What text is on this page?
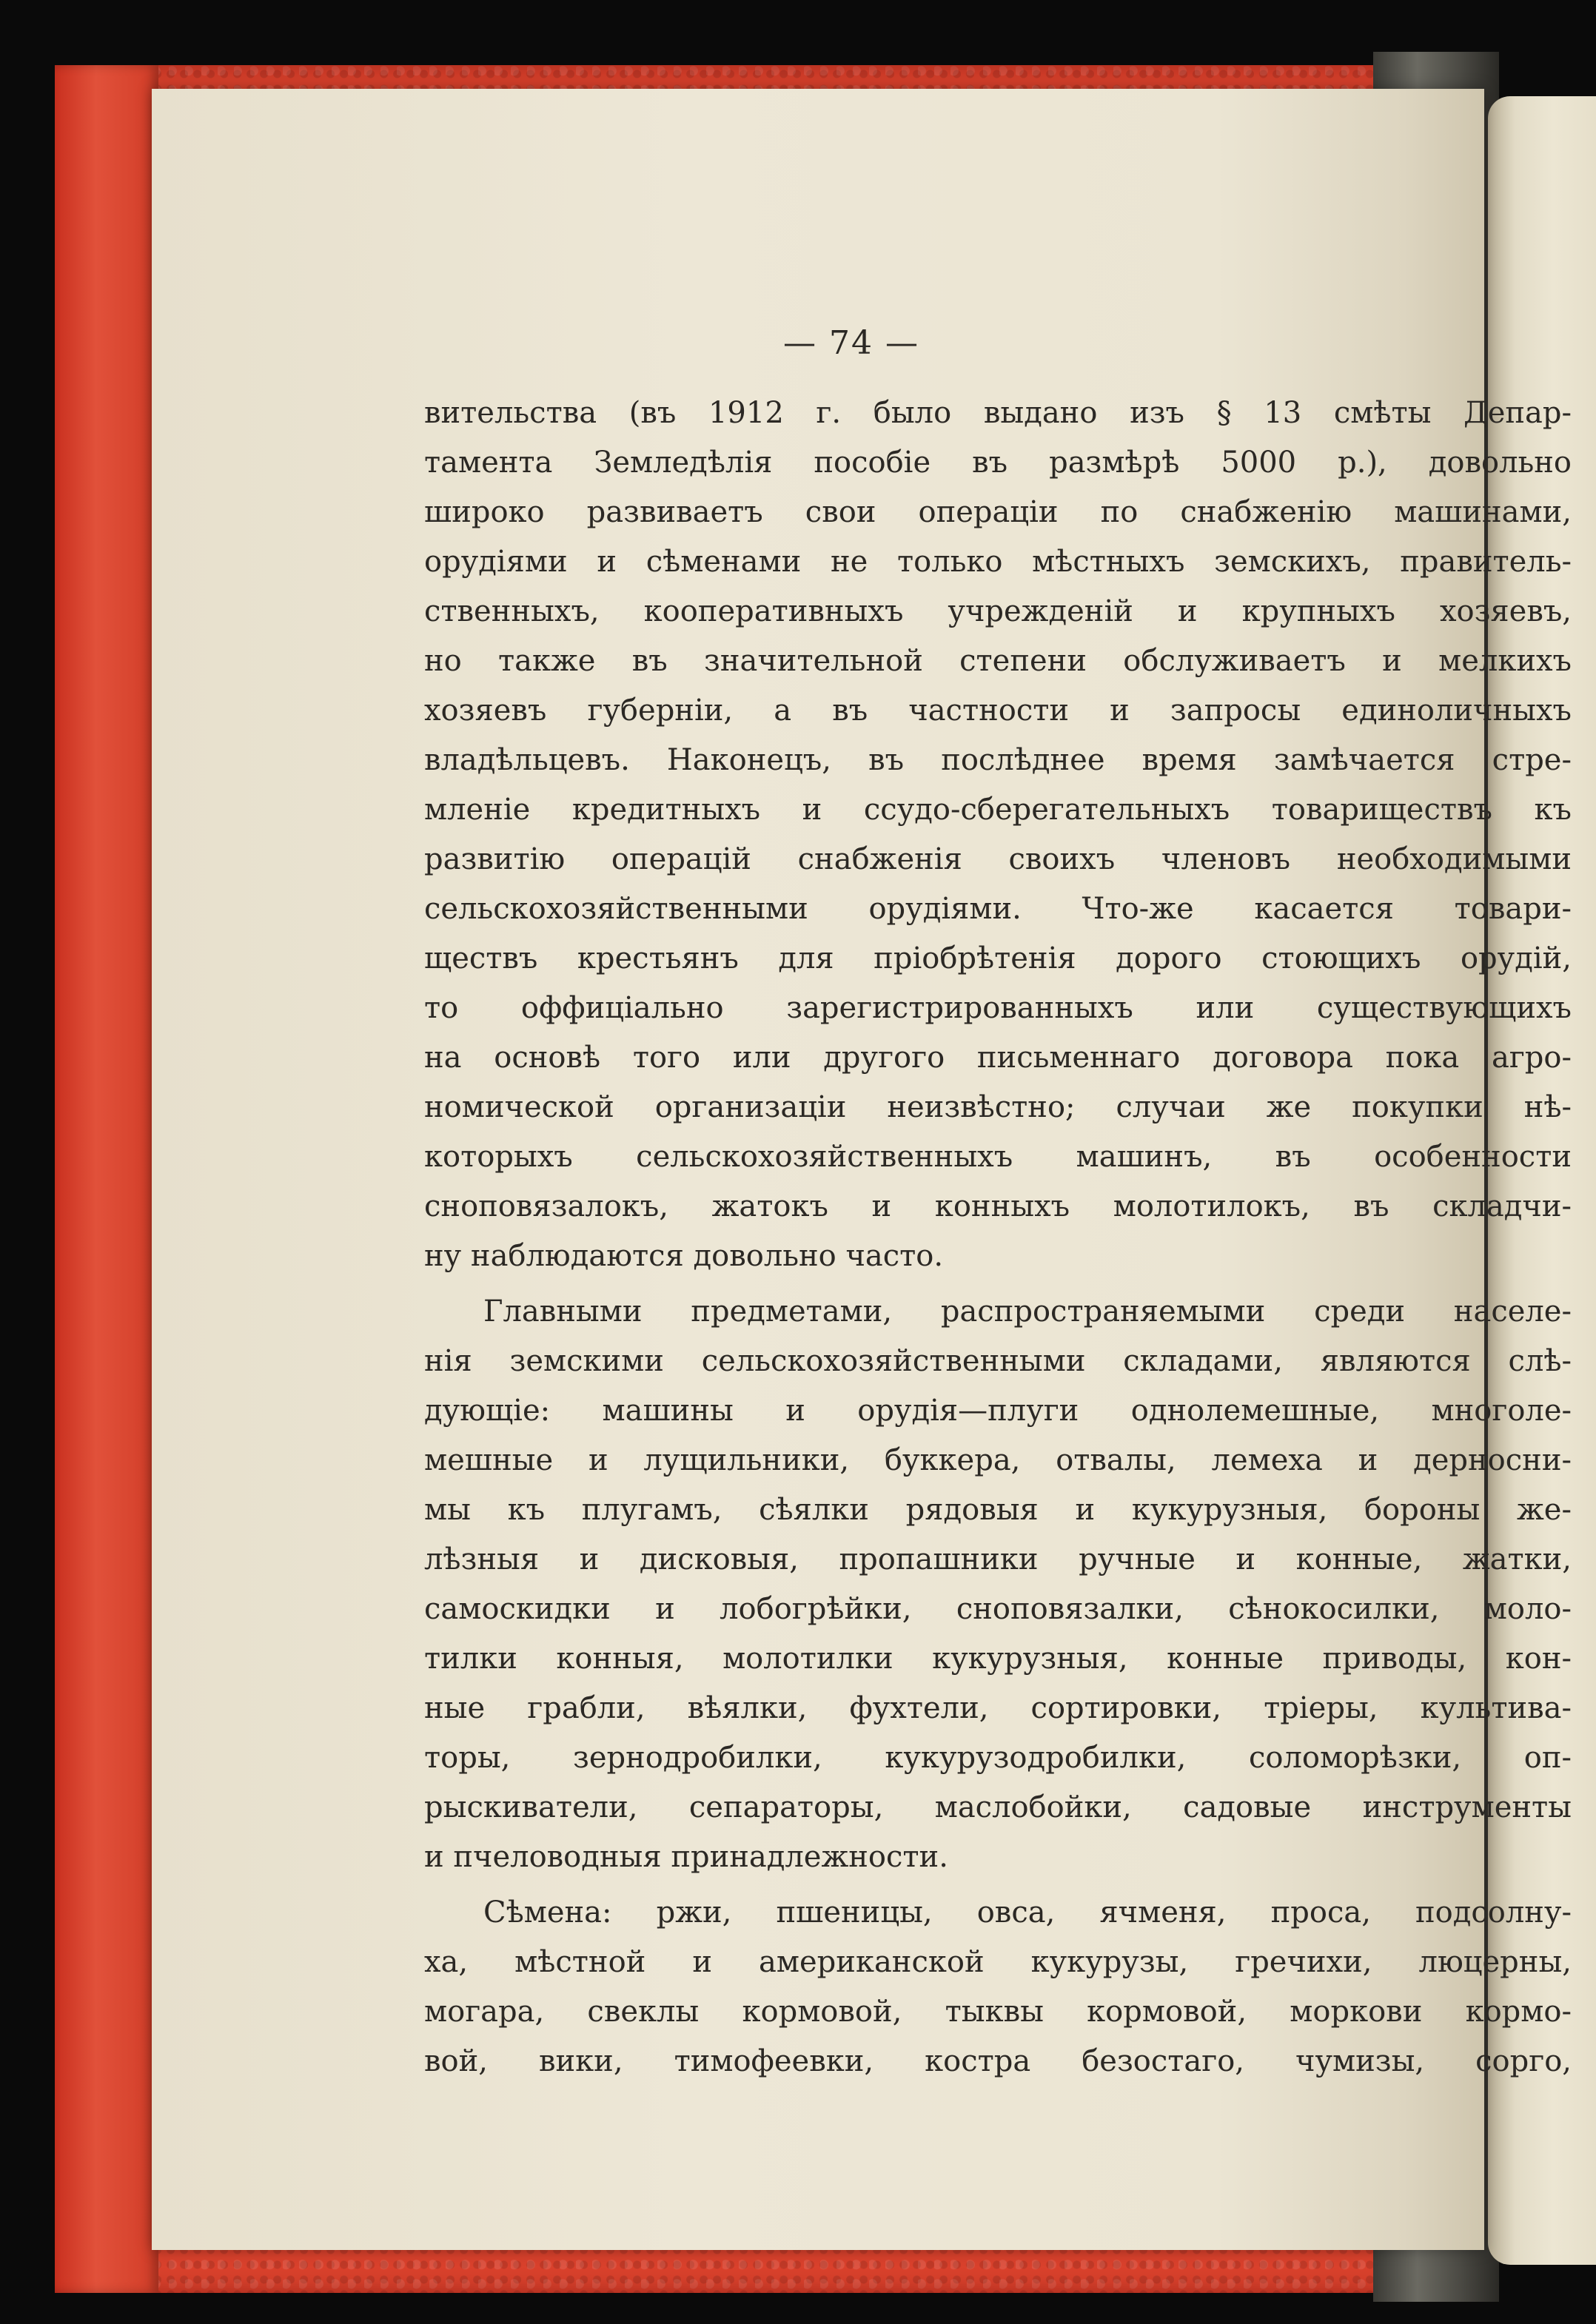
— 74 —
вительства (въ 1912 г. было выдано изъ § 13 смѣты Депар-
тамента Земледѣлія пособіе въ размѣрѣ 5000 р.), довольно
широко развиваетъ свои операціи по снабженію машинами,
орудіями и сѣменами не только мѣстныхъ земскихъ, правитель-
ственныхъ, кооперативныхъ учрежденій и крупныхъ хозяевъ,
но также въ значительной степени обслуживаетъ и мелкихъ
хозяевъ губерніи, а въ частности и запросы единоличныхъ
владѣльцевъ. Наконецъ, въ послѣднее время замѣчается стре-
мленіе кредитныхъ и ссудо-сберегательныхъ товариществъ къ
развитію операцій снабженія своихъ членовъ необходимыми
сельскохозяйственными орудіями. Что-же касается товари-
ществъ крестьянъ для пріобрѣтенія дорого стоющихъ орудій,
то оффиціально зарегистрированныхъ или существующихъ
на основѣ того или другого письменнаго договора пока агро-
номической организаціи неизвѣстно; случаи же покупки нѣ-
которыхъ сельскохозяйственныхъ машинъ, въ особенности
сноповязалокъ, жатокъ и конныхъ молотилокъ, въ складчи-
ну наблюдаются довольно часто.
Главными предметами, распространяемыми среди населе-
нія земскими сельскохозяйственными складами, являются слѣ-
дующіе: машины и орудія—плуги однолемешные, многоле-
мешные и лущильники, буккера, отвалы, лемеха и дерносни-
мы къ плугамъ, сѣялки рядовыя и кукурузныя, бороны же-
лѣзныя и дисковыя, пропашники ручные и конные, жатки,
самоскидки и лобогрѣйки, сноповязалки, сѣнокосилки, моло-
тилки конныя, молотилки кукурузныя, конные приводы, кон-
ные грабли, вѣялки, фухтели, сортировки, тріеры, культива-
торы, зернодробилки, кукурузодробилки, соломорѣзки, оп-
рыскиватели, сепараторы, маслобойки, садовые инструменты
и пчеловодныя принадлежности.
Сѣмена: ржи, пшеницы, овса, ячменя, проса, подсолну-
ха, мѣстной и американской кукурузы, гречихи, люцерны,
могара, свеклы кормовой, тыквы кормовой, моркови кормо-
вой, вики, тимофеевки, костра безостаго, чумизы, сорго,
